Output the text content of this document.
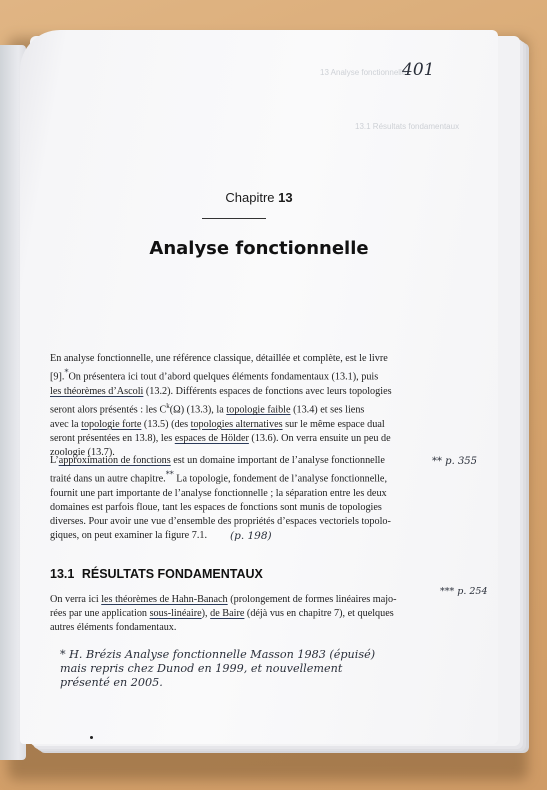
13 Analyse fonctionnelle
13.1 Résultats fondamentaux
401
Chapitre 13
Analyse fonctionnelle
En analyse fonctionnelle, une référence classique, détaillée et complète, est le livre
[9].*On présentera ici tout d’abord quelques éléments fondamentaux (13.1), puis
les théorèmes d’Ascoli (13.2). Différents espaces de fonctions avec leurs topologies
seront alors présentés : les $C^k(\Omega)$ (13.3), la topologie faible (13.4) et ses liens
avec la topologie forte (13.5) (des topologies alternatives sur le même espace dual
seront présentées en 13.8), les espaces de Hölder (13.6). On verra ensuite un peu de
zoologie (13.7).
L’approximation de fonctions est un domaine important de l’analyse fonctionnelle
traité dans un autre chapitre.** La topologie, fondement de l’analyse fonctionnelle,
fournit une part importante de l’analyse fonctionnelle ; la séparation entre les deux
domaines est parfois floue, tant les espaces de fonctions sont munis de topologies
diverses. Pour avoir une vue d’ensemble des propriétés d’espaces vectoriels topolo-
giques, on peut examiner la figure 7.1.
** p. 355
(p. 198)
13.1 RÉSULTATS FONDAMENTAUX
On verra ici les théorèmes de Hahn-Banach (prolongement de formes linéaires majo-
rées par une application sous-linéaire), de Baire (déjà vus en chapitre 7), et quelques
autres éléments fondamentaux.
*** p. 254
* H. Brézis Analyse fonctionnelle Masson 1983 (épuisé)
mais repris chez Dunod en 1999, et nouvellement
présenté en 2005.
